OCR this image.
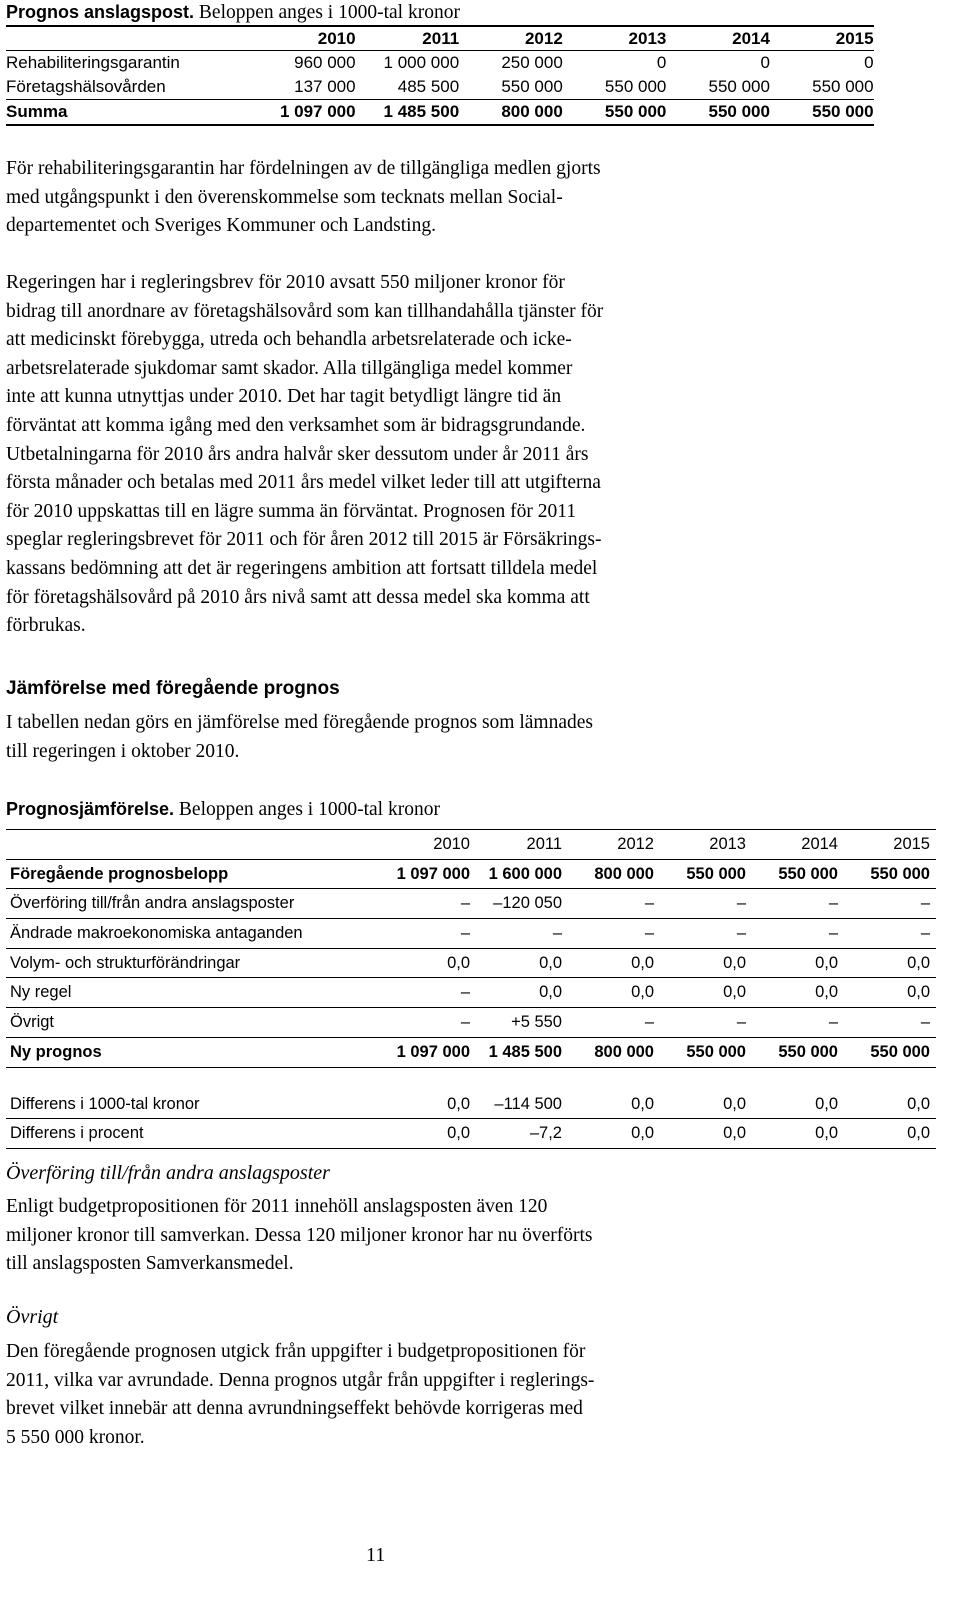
Prognos anslagspost. Beloppen anges i 1000-tal kronor
2010	2011	2012	2013	2014	2015
Rehabiliteringsgarantin	960 000	1 000 000	250 000	0	0	0
Företagshälsovården	137 000	485 500	550 000	550 000	550 000	550 000
Summa	1 097 000	1 485 500	800 000	550 000	550 000	550 000

För rehabiliteringsgarantin har fördelningen av de tillgängliga medlen gjorts

med utgångspunkt i den överenskommelse som tecknats mellan Social-

departementet och Sveriges Kommuner och Landsting.

Regeringen har i regleringsbrev för 2010 avsatt 550 miljoner kronor för

bidrag till anordnare av företagshälsovård som kan tillhandahålla tjänster för

att medicinskt förebygga, utreda och behandla arbetsrelaterade och icke-

arbetsrelaterade sjukdomar samt skador. Alla tillgängliga medel kommer

inte att kunna utnyttjas under 2010. Det har tagit betydligt längre tid än

förväntat att komma igång med den verksamhet som är bidragsgrundande.

Utbetalningarna för 2010 års andra halvår sker dessutom under år 2011 års

första månader och betalas med 2011 års medel vilket leder till att utgifterna

för 2010 uppskattas till en lägre summa än förväntat. Prognosen för 2011

speglar regleringsbrevet för 2011 och för åren 2012 till 2015 är Försäkrings-

kassans bedömning att det är regeringens ambition att fortsatt tilldela medel

för företagshälsovård på 2010 års nivå samt att dessa medel ska komma att

förbrukas.

Jämförelse med föregående prognos

I tabellen nedan görs en jämförelse med föregående prognos som lämnades

till regeringen i oktober 2010.

Prognosjämförelse. Beloppen anges i 1000-tal kronor
2010	2011	2012	2013	2014	2015
Föregående prognosbelopp	1 097 000	1 600 000	800 000	550 000	550 000	550 000
Överföring till/från andra anslagsposter	–	–120 050	–	–	–	–
Ändrade makroekonomiska antaganden	–	–	–	–	–	–
Volym- och strukturförändringar	0,0	0,0	0,0	0,0	0,0	0,0
Ny regel	–	0,0	0,0	0,0	0,0	0,0
Övrigt	–	+5 550	–	–	–	–
Ny prognos	1 097 000	1 485 500	800 000	550 000	550 000	550 000
Differens i 1000-tal kronor	0,0	–114 500	0,0	0,0	0,0	0,0
Differens i procent	0,0	–7,2	0,0	0,0	0,0	0,0
Överföring till/från andra anslagsposter

Enligt budgetpropositionen för 2011 innehöll anslagsposten även 120

miljoner kronor till samverkan. Dessa 120 miljoner kronor har nu överförts

till anslagsposten Samverkansmedel.

Övrigt

Den föregående prognosen utgick från uppgifter i budgetpropositionen för

2011, vilka var avrundade. Denna prognos utgår från uppgifter i reglerings-

brevet vilket innebär att denna avrundningseffekt behövde korrigeras med

5 550 000 kronor.

11
